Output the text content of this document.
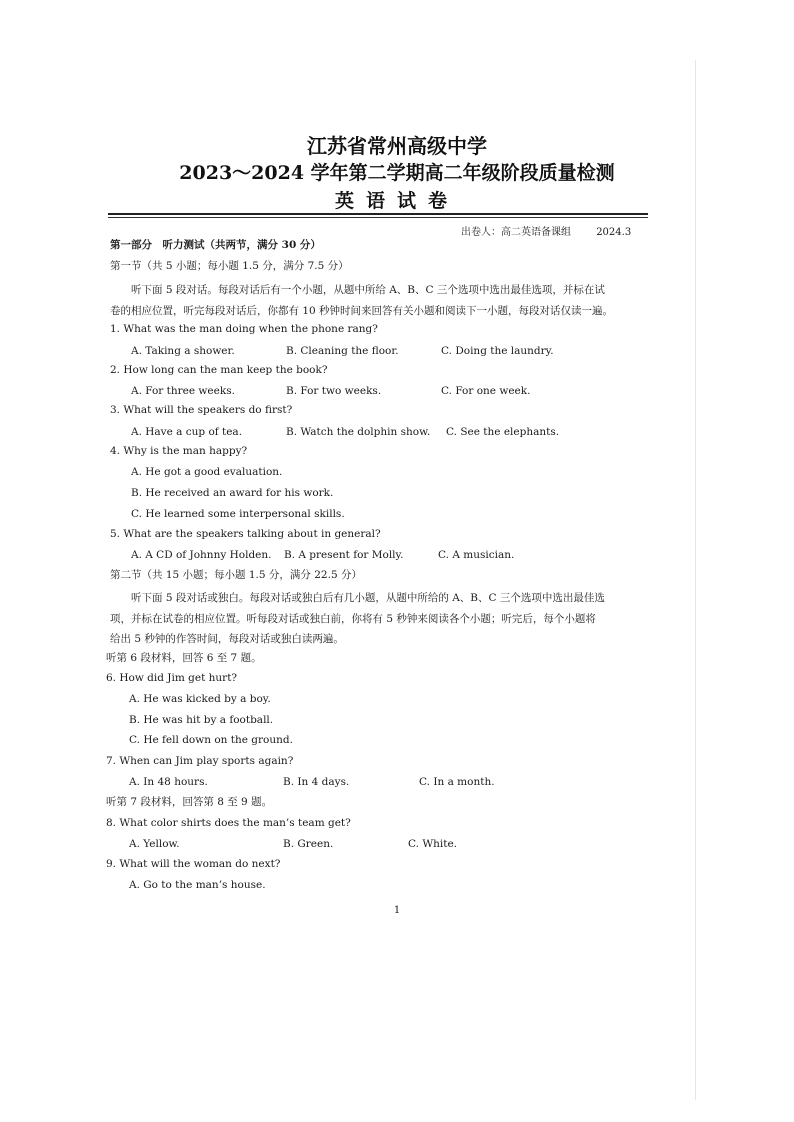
江苏省常州高级中学
2023～2024 学年第二学期高二年级阶段质量检测
英语试卷
出卷人：高二英语备课组	2024.3
第一部分　听力测试（共两节，满分 30 分）
第一节（共 5 小题；每小题 1.5 分，满分 7.5 分）
听下面 5 段对话。每段对话后有一个小题，从题中所给 A、B、C 三个选项中选出最佳选项，并标在试
卷的相应位置，听完每段对话后，你都有 10 秒钟时间来回答有关小题和阅读下一小题，每段对话仅读一遍。
1. What was the man doing when the phone rang?
A. Taking a shower.	B. Cleaning the floor.	C. Doing the laundry.
2. How long can the man keep the book?
A. For three weeks.	B. For two weeks.	C. For one week.
3. What will the speakers do first?
A. Have a cup of tea.	B. Watch the dolphin show. C. See the elephants.
4. Why is the man happy?
A. He got a good evaluation.
B. He received an award for his work.
C. He learned some interpersonal skills.
5. What are the speakers talking about in general?
A. A CD of Johnny Holden. B. A present for Molly.	C. A musician.
第二节（共 15 小题；每小题 1.5 分，满分 22.5 分）
听下面 5 段对话或独白。每段对话或独白后有几小题，从题中所给的 A、B、C 三个选项中选出最佳选
项，并标在试卷的相应位置。听每段对话或独白前，你将有 5 秒钟来阅读各个小题；听完后，每个小题将
给出 5 秒钟的作答时间，每段对话或独白读两遍。
听第 6 段材料，回答 6 至 7 题。
6. How did Jim get hurt?
A. He was kicked by a boy.
B. He was hit by a football.
C. He fell down on the ground.
7. When can Jim play sports again?
A. In 48 hours.	B. In 4 days.	C. In a month.
听第 7 段材料，回答第 8 至 9 题。
8. What color shirts does the man’s team get?
A. Yellow.	B. Green.	C. White.
9. What will the woman do next?
A. Go to the man’s house.
1
